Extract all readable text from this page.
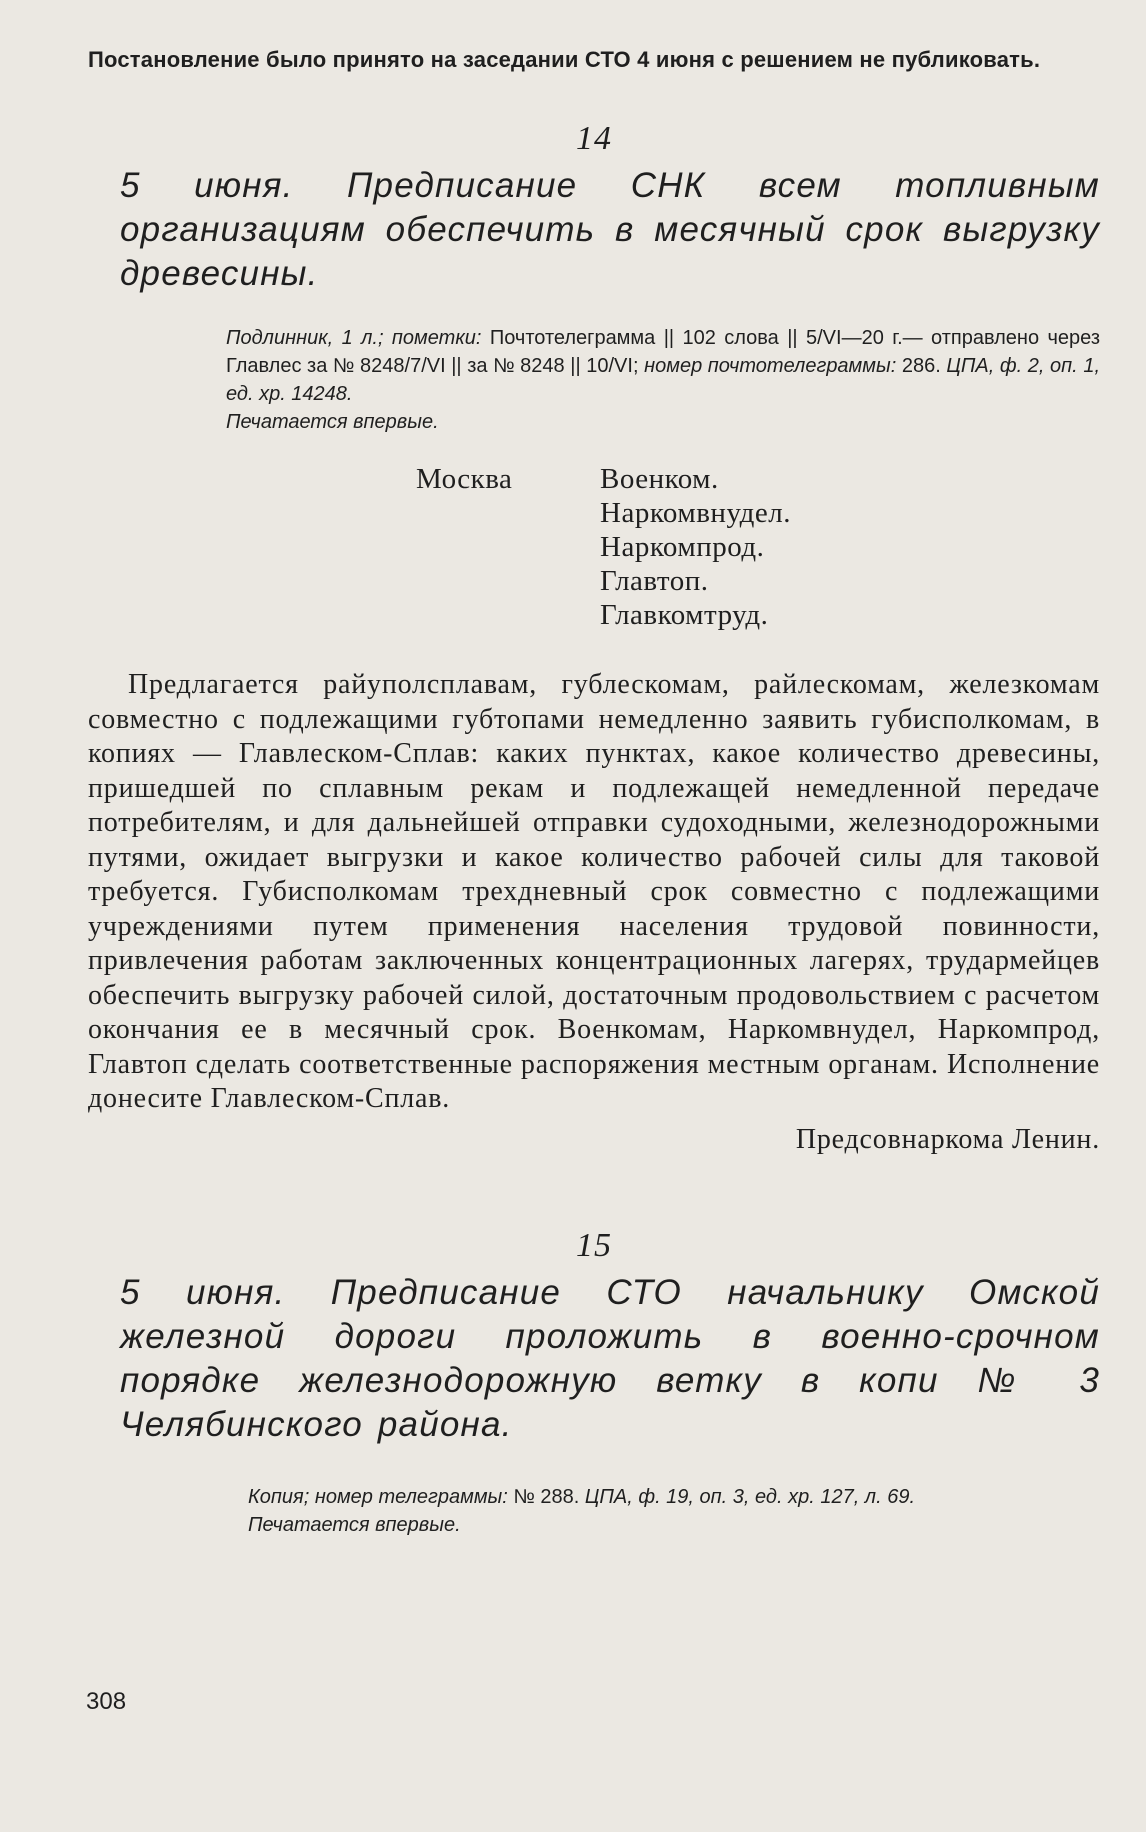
Постановление было принято на заседании СТО 4 июня с решением не публиковать.

14

5 июня. Предписание СНК всем топливным организациям обеспечить в месячный срок выгрузку древесины.

Подлинник, 1 л.; пометки: Почтотелеграмма || 102 слова || 5/VI—20 г.— отправлено через Главлес за № 8248/7/VI || за № 8248 || 10/VI; номер почтотелеграммы: 286. ЦПА, ф. 2, оп. 1, ед. хр. 14248.

Печатается впервые.

Москва	Военком.
Наркомвнудел.
Наркомпрод.
Главтоп.
Главкомтруд.

Предлагается райуполсплавам, гублескомам, райлескомам, железкомам совместно с подлежащими губтопами немедленно заявить губисполкомам, в копиях — Главлеском-Сплав: каких пунктах, какое количество древесины, пришедшей по сплавным рекам и подлежащей немедленной передаче потребителям, и для дальнейшей отправки судоходными, железнодорожными путями, ожидает выгрузки и какое количество рабочей силы для таковой требуется. Губисполкомам трехдневный срок совместно с подлежащими учреждениями путем применения населения трудовой повинности, привлечения работам заключенных концентрационных лагерях, трудармейцев обеспечить выгрузку рабочей силой, достаточным продовольствием с расчетом окончания ее в месячный срок. Военкомам, Наркомвнудел, Наркомпрод, Главтоп сделать соответственные распоряжения местным органам. Исполнение донесите Главлеском-Сплав.

Предсовнаркома Ленин.

15

5 июня. Предписание СТО начальнику Омской железной дороги проложить в военно-срочном порядке железнодорожную ветку в копи № 3 Челябинского района.

Копия; номер телеграммы: № 288. ЦПА, ф. 19, оп. 3, ед. хр. 127, л. 69.

Печатается впервые.

308
